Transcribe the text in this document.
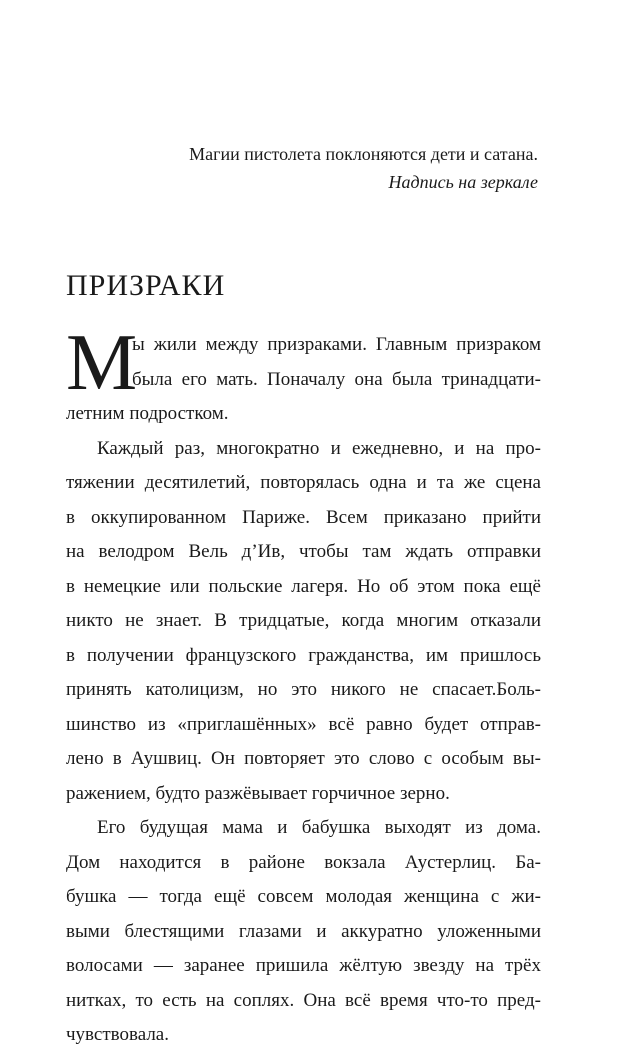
Магии пистолета поклоняются дети и сатана.
Надпись на зеркале
ПРИЗРАКИ
М
ы жили между призраками. Главным призраком
была его мать. Поначалу она была тринадцати-
летним подростком.
Каждый раз, многократно и ежедневно, и на про-
тяжении десятилетий, повторялась одна и та же сцена
в оккупированном Париже. Всем приказано прийти
на велодром Вель д’Ив, чтобы там ждать отправки
в немецкие или польские лагеря. Но об этом пока ещё
никто не знает. В тридцатые, когда многим отказали
в получении французского гражданства, им пришлось
принять католицизм, но это никого не спасает.Боль-
шинство из «приглашённых» всё равно будет отправ-
лено в Аушвиц. Он повторяет это слово с особым вы-
ражением, будто разжёвывает горчичное зерно.
Его будущая мама и бабушка выходят из дома.
Дом находится в районе вокзала Аустерлиц. Ба-
бушка — тогда ещё совсем молодая женщина с жи-
выми блестящими глазами и аккуратно уложенными
волосами — заранее пришила жёлтую звезду на трёх
нитках, то есть на соплях. Она всё время что-то пред-
чувствовала.
